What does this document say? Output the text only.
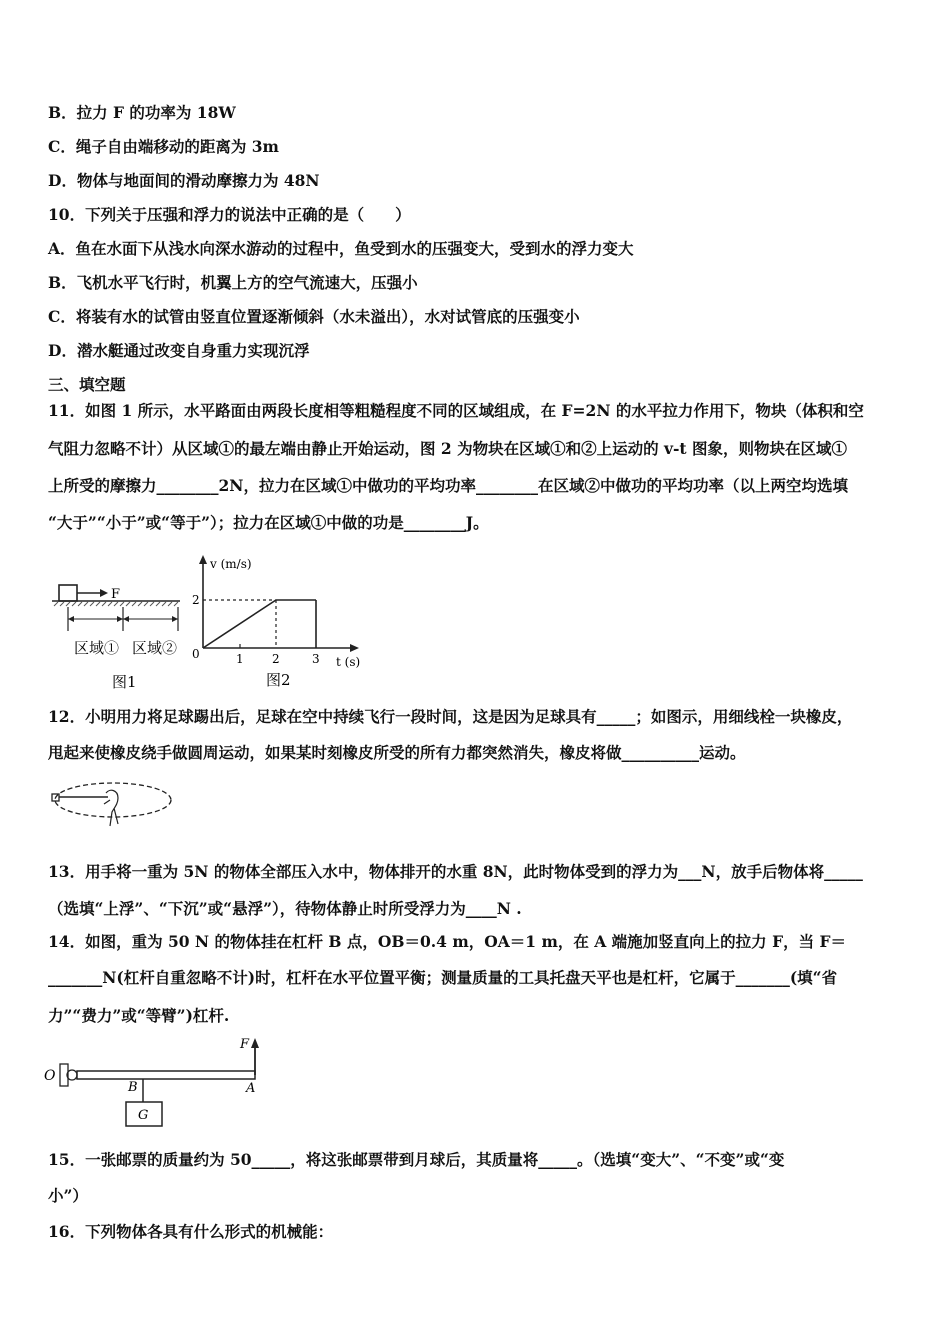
B．拉力 F 的功率为 18W
C．绳子自由端移动的距离为 3m
D．物体与地面间的滑动摩擦力为 48N
10．下列关于压强和浮力的说法中正确的是（　　）
A．鱼在水面下从浅水向深水游动的过程中，鱼受到水的压强变大，受到水的浮力变大
B．飞机水平飞行时，机翼上方的空气流速大，压强小
C．将装有水的试管由竖直位置逐渐倾斜（水未溢出），水对试管底的压强变小
D．潜水艇通过改变自身重力实现沉浮
三、填空题
11．如图 1 所示，水平路面由两段长度相等粗糙程度不同的区域组成，在 F=2N 的水平拉力作用下，物块（体积和空
气阻力忽略不计）从区域①的最左端由静止开始运动，图 2 为物块在区域①和②上运动的 v-t 图象，则物块在区域①
上所受的摩擦力________2N，拉力在区域①中做功的平均功率________在区域②中做功的平均功率（以上两空均选填
“大于”“小于”或“等于”）；拉力在区域①中做的功是________J。
F
区域① 区域②
图1
v (m/s)
t (s)
0
2
1 2	3
图2
12．小明用力将足球踢出后，足球在空中持续飞行一段时间，这是因为足球具有_____；如图示，用细线栓一块橡皮，
甩起来使橡皮绕手做圆周运动，如果某时刻橡皮所受的所有力都突然消失，橡皮将做__________运动。
13．用手将一重为 5N 的物体全部压入水中，物体排开的水重 8N，此时物体受到的浮力为___N，放手后物体将_____
（选填“上浮”、“下沉”或“悬浮”），待物体静止时所受浮力为____N .
14．如图，重为 50 N 的物体挂在杠杆 B 点，OB＝0.4 m，OA＝1 m，在 A 端施加竖直向上的拉力 F，当 F＝
_______N(杠杆自重忽略不计)时，杠杆在水平位置平衡；测量质量的工具托盘天平也是杠杆，它属于_______(填“省
力”“费力”或“等臂”)杠杆.
O
F
A
B
G
15．一张邮票的质量约为 50_____，将这张邮票带到月球后，其质量将_____。（选填“变大”、“不变”或“变
小”）
16．下列物体各具有什么形式的机械能：
